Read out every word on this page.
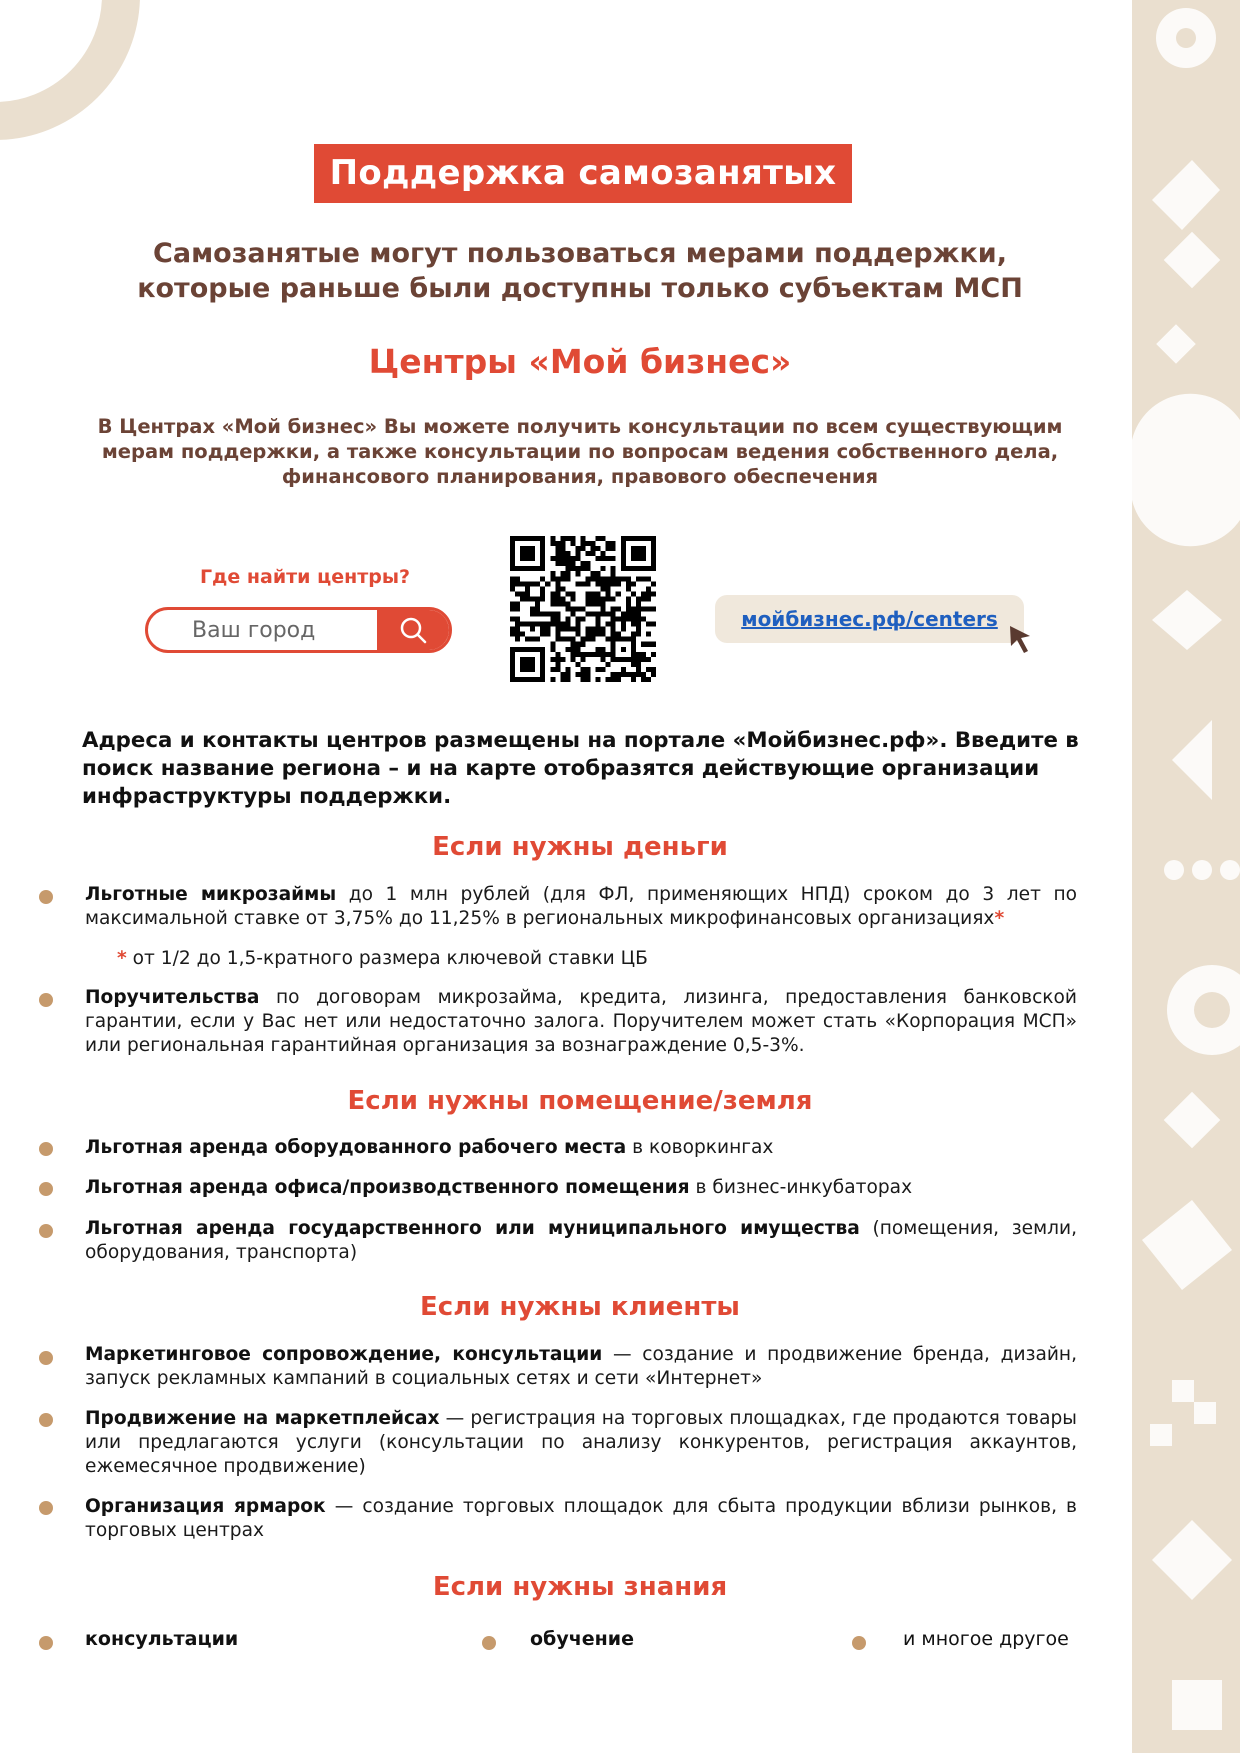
Поддержка самозанятых
Самозанятые могут пользоваться мерами поддержки, которые раньше были доступны только субъектам МСП
Центры «Мой бизнес»
В Центрах «Мой бизнес» Вы можете получить консультации по всем существующим мерам поддержки, а также консультации по вопросам ведения собственного дела, финансового планирования, правового обеспечения
Где найти центры?
Ваш город
мойбизнес.рф/centers
Адреса и контакты центров размещены на портале «Мойбизнес.рф». Введите в поиск название региона – и на карте отобразятся действующие организации инфраструктуры поддержки.
Если нужны деньги
Льготные микрозаймы до 1 млн рублей (для ФЛ, применяющих НПД) сроком до 3 лет по максимальной ставке от 3,75% до 11,25% в региональных микрофинансовых организациях*
* от 1/2 до 1,5-кратного размера ключевой ставки ЦБ
Поручительства по договорам микрозайма, кредита, лизинга, предоставления банковской гарантии, если у Вас нет или недостаточно залога. Поручителем может стать «Корпорация МСП» или региональная гарантийная организация за вознаграждение 0,5-3%.
Если нужны помещение/земля
Льготная аренда оборудованного рабочего места в коворкингах
Льготная аренда офиса/производственного помещения в бизнес-инкубаторах
Льготная аренда государственного или муниципального имущества (помещения, земли, оборудования, транспорта)
Если нужны клиенты
Маркетинговое сопровождение, консультации — создание и продвижение бренда, дизайн, запуск рекламных кампаний в социальных сетях и сети «Интернет»
Продвижение на маркетплейсах — регистрация на торговых площадках, где продаются товары или предлагаются услуги (консультации по анализу конкурентов, регистрация аккаунтов, ежемесячное продвижение)
Организация ярмарок — создание торговых площадок для сбыта продукции вблизи рынков, в торговых центрах
Если нужны знания
консультации	обучение	и многое другое
